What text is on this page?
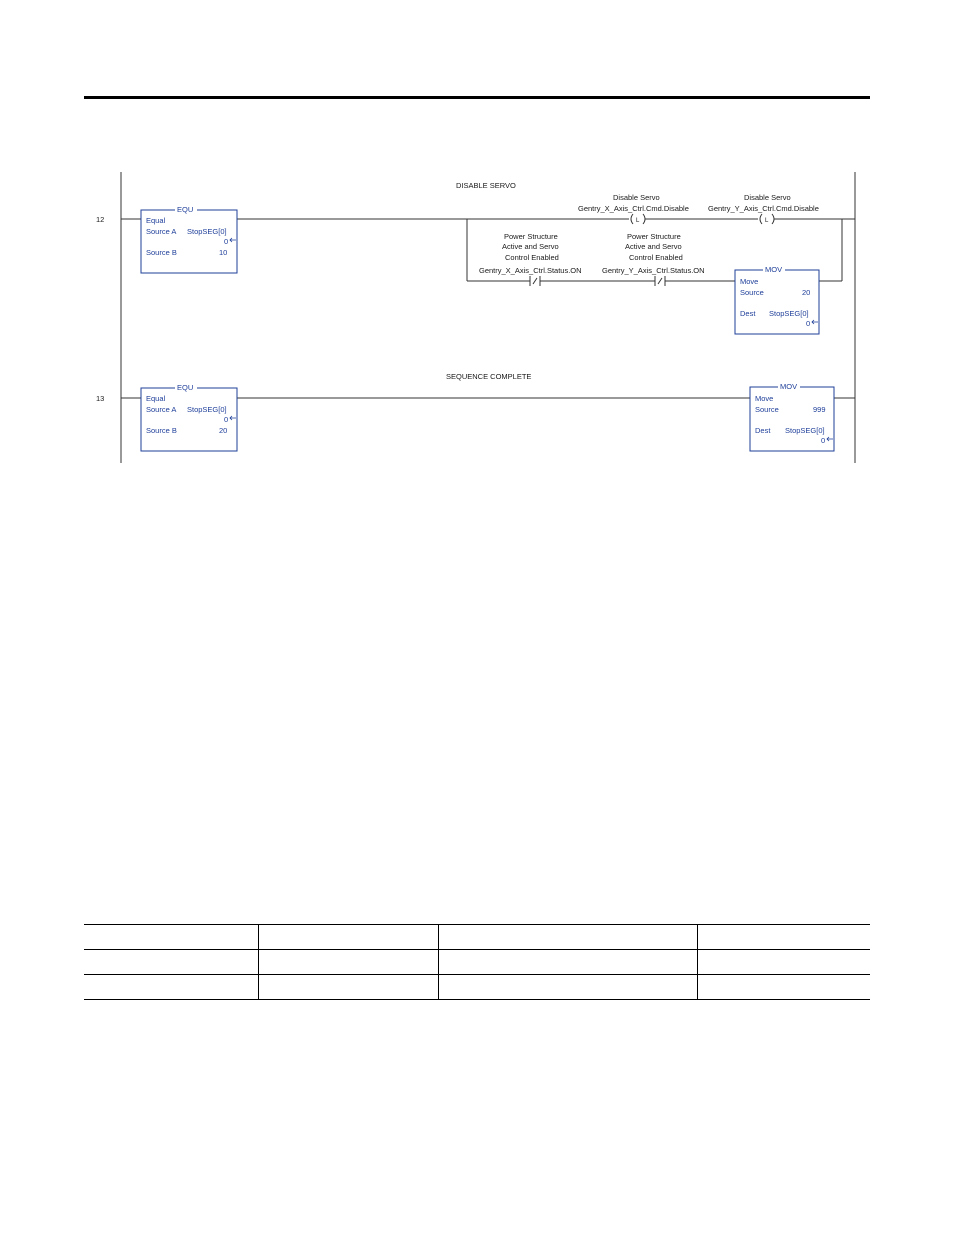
12
DISABLE SERVO
EQU
Equal
Source A StopSEG[0]
0
Source B	10
Disable Servo
Gentry_X_Axis_Ctrl.Cmd.Disable
L
Disable Servo
Gentry_Y_Axis_Ctrl.Cmd.Disable
L
Power Structure
Active and Servo
Control Enabled
Gentry_X_Axis_Ctrl.Status.ON
Power Structure
Active and Servo
Control Enabled
Gentry_Y_Axis_Ctrl.Status.ON	MOV
Move
Source	20
Dest StopSEG[0]
0
13
SEQUENCE COMPLETE
EQU
Equal
Source A StopSEG[0]
0
Source B	20
MOV
Move
Source	999
Dest StopSEG[0]
0
